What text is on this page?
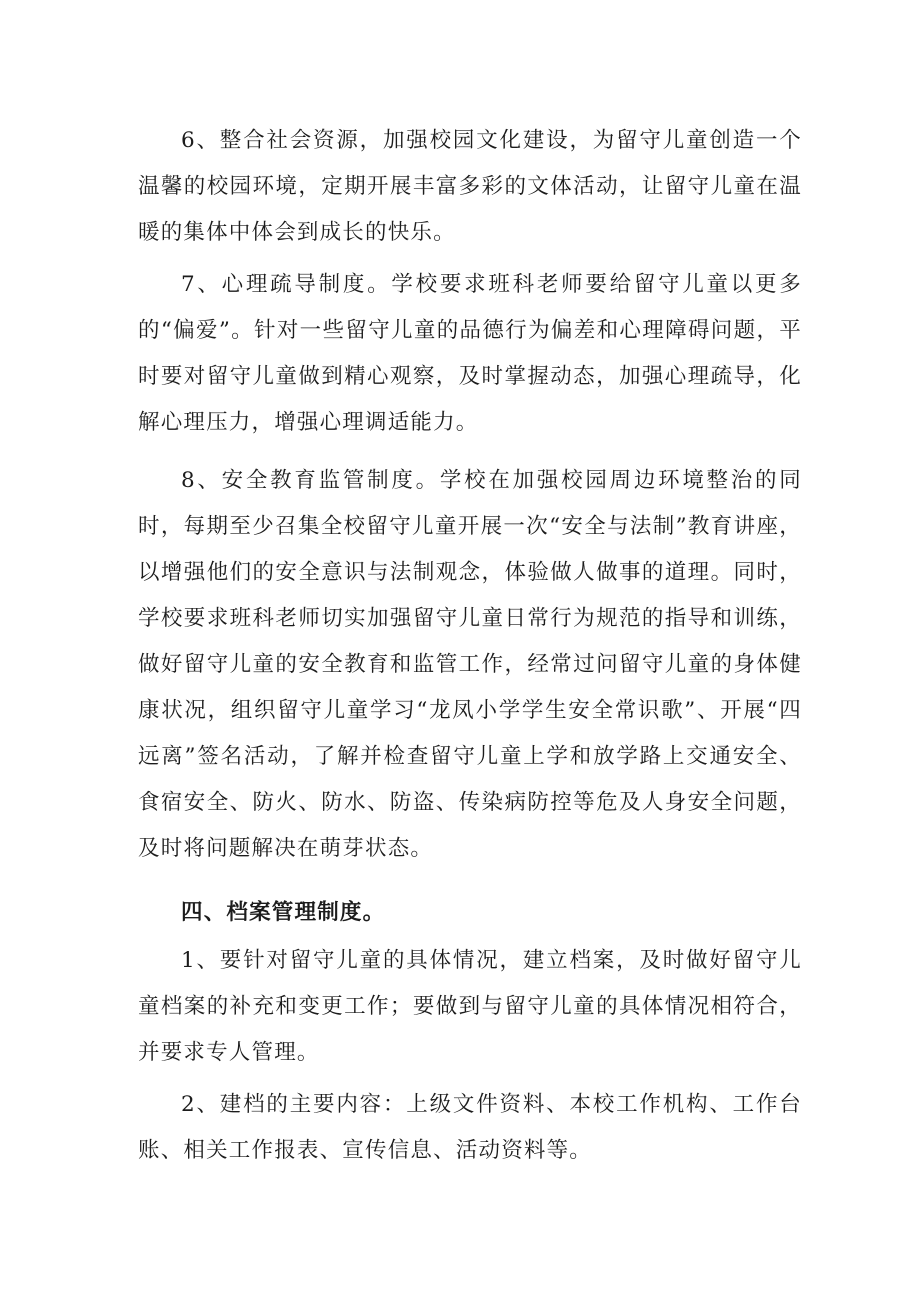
6、整合社会资源，加强校园文化建设，为留守儿童创造一个温馨的校园环境，定期开展丰富多彩的文体活动，让留守儿童在温暖的集体中体会到成长的快乐。

7、心理疏导制度。学校要求班科老师要给留守儿童以更多的“偏爱”。针对一些留守儿童的品德行为偏差和心理障碍问题，平时要对留守儿童做到精心观察，及时掌握动态，加强心理疏导，化解心理压力，增强心理调适能力。

8、安全教育监管制度。学校在加强校园周边环境整治的同时，每期至少召集全校留守儿童开展一次“安全与法制”教育讲座，以增强他们的安全意识与法制观念，体验做人做事的道理。同时，学校要求班科老师切实加强留守儿童日常行为规范的指导和训练，做好留守儿童的安全教育和监管工作，经常过问留守儿童的身体健康状况，组织留守儿童学习“龙凤小学学生安全常识歌”、开展“四远离”签名活动，了解并检查留守儿童上学和放学路上交通安全、食宿安全、防火、防水、防盗、传染病防控等危及人身安全问题，及时将问题解决在萌芽状态。

四、档案管理制度。

1、要针对留守儿童的具体情况，建立档案，及时做好留守儿童档案的补充和变更工作；要做到与留守儿童的具体情况相符合，并要求专人管理。

2、建档的主要内容：上级文件资料、本校工作机构、工作台账、相关工作报表、宣传信息、活动资料等。
